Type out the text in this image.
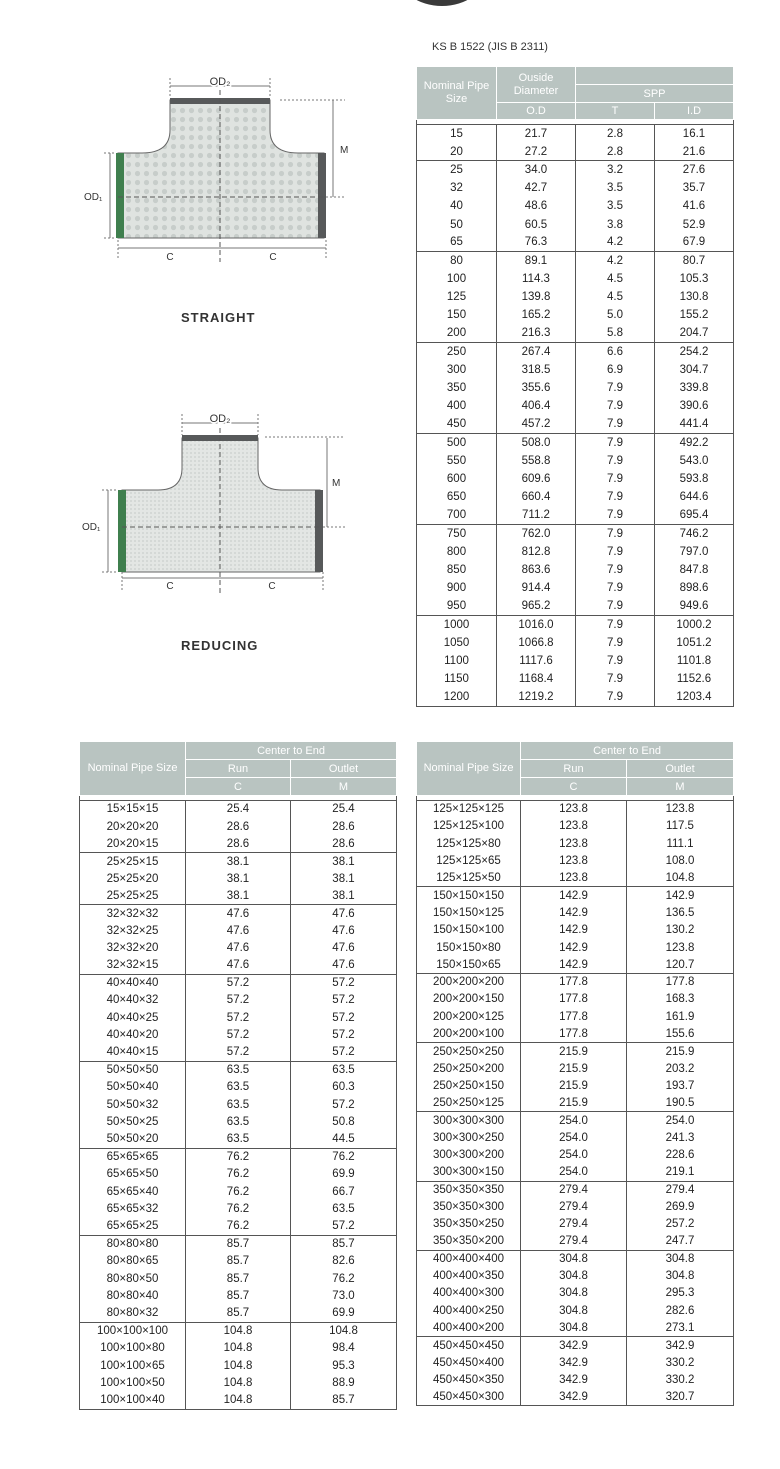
OD₂
M
OD₁
C	C
STRAIGHT
OD₂
M
OD₁
C	C
REDUCING
KS B 1522 (JIS B 2311)
Nominal Pipe Size	Ouside Diameter		
		SPP	
	O.D	T	I.D

15	21.7	2.8	16.1
20	27.2	2.8	21.6
25	34.0	3.2	27.6
32	42.7	3.5	35.7
40	48.6	3.5	41.6
50	60.5	3.8	52.9
65	76.3	4.2	67.9
80	89.1	4.2	80.7
100	114.3	4.5	105.3
125	139.8	4.5	130.8
150	165.2	5.0	155.2
200	216.3	5.8	204.7
250	267.4	6.6	254.2
300	318.5	6.9	304.7
350	355.6	7.9	339.8
400	406.4	7.9	390.6
450	457.2	7.9	441.4
500	508.0	7.9	492.2
550	558.8	7.9	543.0
600	609.6	7.9	593.8
650	660.4	7.9	644.6
700	711.2	7.9	695.4
750	762.0	7.9	746.2
800	812.8	7.9	797.0
850	863.6	7.9	847.8
900	914.4	7.9	898.6
950	965.2	7.9	949.6
1000	1016.0	7.9	1000.2
1050	1066.8	7.9	1051.2
1100	1117.6	7.9	1101.8
1150	1168.4	7.9	1152.6
1200	1219.2	7.9	1203.4
Nominal Pipe Size	Center to End	
	Run	Outlet
	C	M

15×15×15	25.4	25.4
20×20×20	28.6	28.6
20×20×15	28.6	28.6
25×25×15	38.1	38.1
25×25×20	38.1	38.1
25×25×25	38.1	38.1
32×32×32	47.6	47.6
32×32×25	47.6	47.6
32×32×20	47.6	47.6
32×32×15	47.6	47.6
40×40×40	57.2	57.2
40×40×32	57.2	57.2
40×40×25	57.2	57.2
40×40×20	57.2	57.2
40×40×15	57.2	57.2
50×50×50	63.5	63.5
50×50×40	63.5	60.3
50×50×32	63.5	57.2
50×50×25	63.5	50.8
50×50×20	63.5	44.5
65×65×65	76.2	76.2
65×65×50	76.2	69.9
65×65×40	76.2	66.7
65×65×32	76.2	63.5
65×65×25	76.2	57.2
80×80×80	85.7	85.7
80×80×65	85.7	82.6
80×80×50	85.7	76.2
80×80×40	85.7	73.0
80×80×32	85.7	69.9
100×100×100	104.8	104.8
100×100×80	104.8	98.4
100×100×65	104.8	95.3
100×100×50	104.8	88.9
100×100×40	104.8	85.7
Nominal Pipe Size	Center to End	
	Run	Outlet
	C	M

125×125×125	123.8	123.8
125×125×100	123.8	117.5
125×125×80	123.8	111.1
125×125×65	123.8	108.0
125×125×50	123.8	104.8
150×150×150	142.9	142.9
150×150×125	142.9	136.5
150×150×100	142.9	130.2
150×150×80	142.9	123.8
150×150×65	142.9	120.7
200×200×200	177.8	177.8
200×200×150	177.8	168.3
200×200×125	177.8	161.9
200×200×100	177.8	155.6
250×250×250	215.9	215.9
250×250×200	215.9	203.2
250×250×150	215.9	193.7
250×250×125	215.9	190.5
300×300×300	254.0	254.0
300×300×250	254.0	241.3
300×300×200	254.0	228.6
300×300×150	254.0	219.1
350×350×350	279.4	279.4
350×350×300	279.4	269.9
350×350×250	279.4	257.2
350×350×200	279.4	247.7
400×400×400	304.8	304.8
400×400×350	304.8	304.8
400×400×300	304.8	295.3
400×400×250	304.8	282.6
400×400×200	304.8	273.1
450×450×450	342.9	342.9
450×450×400	342.9	330.2
450×450×350	342.9	330.2
450×450×300	342.9	320.7
